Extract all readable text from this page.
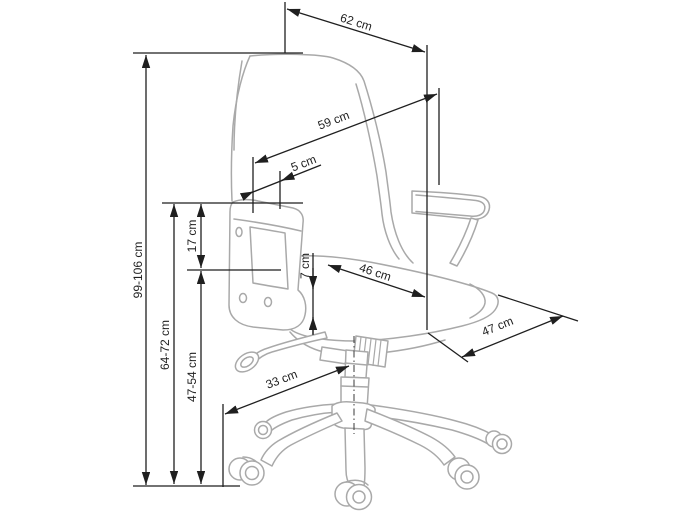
62 cm
59 cm
5 cm
46 cm
7 cm
47 cm
33 cm
99-106 cm
64-72 cm
17 cm
47-54 cm
